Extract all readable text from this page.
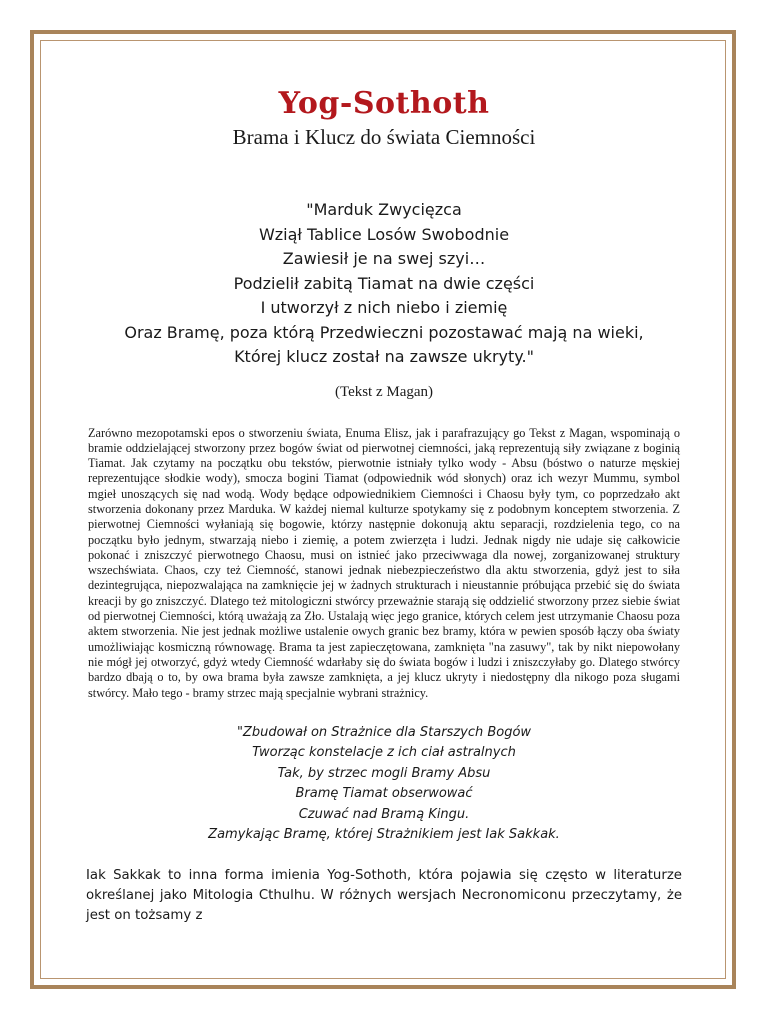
Yog-Sothoth
Brama i Klucz do świata Ciemności
"Marduk Zwycięzca
Wziął Tablice Losów Swobodnie
Zawiesił je na swej szyi…
Podzielił zabitą Tiamat na dwie części
I utworzył z nich niebo i ziemię
Oraz Bramę, poza którą Przedwieczni pozostawać mają na wieki,
Której klucz został na zawsze ukryty."
(Tekst z Magan)

Zarówno mezopotamski epos o stworzeniu świata, Enuma Elisz, jak i parafrazujący go Tekst z Magan, wspominają o bramie oddzielającej stworzony przez bogów świat od pierwotnej ciemności, jaką reprezentują siły związane z boginią Tiamat. Jak czytamy na początku obu tekstów, pierwotnie istniały tylko wody - Absu (bóstwo o naturze męskiej reprezentujące słodkie wody), smocza bogini Tiamat (odpowiednik wód słonych) oraz ich wezyr Mummu, symbol mgieł unoszących się nad wodą. Wody będące odpowiednikiem Ciemności i Chaosu były tym, co poprzedzało akt stworzenia dokonany przez Marduka. W każdej niemal kulturze spotykamy się z podobnym konceptem stworzenia. Z pierwotnej Ciemności wyłaniają się bogowie, którzy następnie dokonują aktu separacji, rozdzielenia tego, co na początku było jednym, stwarzają niebo i ziemię, a potem zwierzęta i ludzi. Jednak nigdy nie udaje się całkowicie pokonać i zniszczyć pierwotnego Chaosu, musi on istnieć jako przeciwwaga dla nowej, zorganizowanej struktury wszechświata. Chaos, czy też Ciemność, stanowi jednak niebezpieczeństwo dla aktu stworzenia, gdyż jest to siła dezintegrująca, niepozwalająca na zamknięcie jej w żadnych strukturach i nieustannie próbująca przebić się do świata kreacji by go zniszczyć. Dlatego też mitologiczni stwórcy przeważnie starają się oddzielić stworzony przez siebie świat od pierwotnej Ciemności, którą uważają za Zło. Ustalają więc jego granice, których celem jest utrzymanie Chaosu poza aktem stworzenia. Nie jest jednak możliwe ustalenie owych granic bez bramy, która w pewien sposób łączy oba światy umożliwiając kosmiczną równowagę. Brama ta jest zapieczętowana, zamknięta "na zasuwy", tak by nikt niepowołany nie mógł jej otworzyć, gdyż wtedy Ciemność wdarłaby się do świata bogów i ludzi i zniszczyłaby go. Dlatego stwórcy bardzo dbają o to, by owa brama była zawsze zamknięta, a jej klucz ukryty i niedostępny dla nikogo poza sługami stwórcy. Mało tego - bramy strzec mają specjalnie wybrani strażnicy.

"Zbudował on Strażnice dla Starszych Bogów
Tworząc konstelacje z ich ciał astralnych
Tak, by strzec mogli Bramy Absu
Bramę Tiamat obserwować
Czuwać nad Bramą Kingu.
Zamykając Bramę, której Strażnikiem jest Iak Sakkak.

Iak Sakkak to inna forma imienia Yog-Sothoth, która pojawia się często w literaturze określanej jako Mitologia Cthulhu. W różnych wersjach Necronomiconu przeczytamy, że jest on tożsamy z
